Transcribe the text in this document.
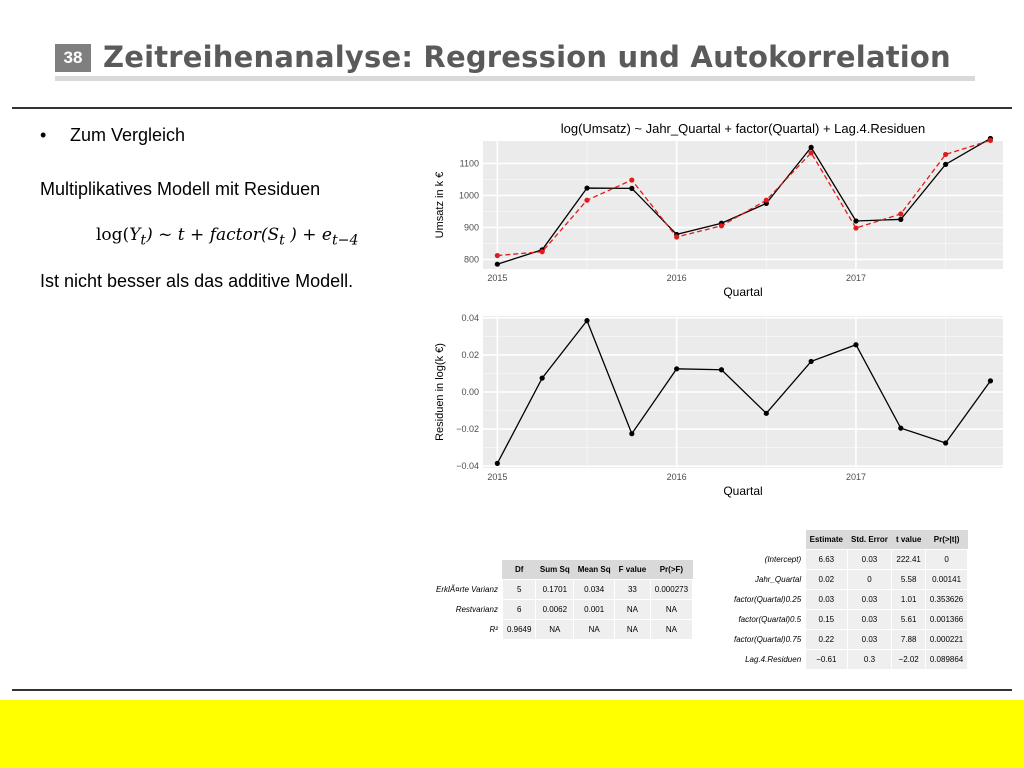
38 Zeitreihenanalyse: Regression und Autokorrelation
• Zum Vergleich
Multiplikatives Modell mit Residuen
$\log(Y_t)$ ~ $t + factor(S_t$ ) + $e_{t-4}$
Ist nicht besser als das additive Modell.	2015	2016	2017
800
900
1000
1100
log(Umsatz) ~ Jahr_Quartal + factor(Quartal) + Lag.4.Residuen
Quartal
Umsatz in k €
2015	2016	2017
−0.04
−0.02
0.00
0.02
0.04
Quartal
Residuen in log(k €)
	Df	Sum Sq	Mean Sq	F value	Pr(>F)
ErklÃ¤rte Varianz	5	0.1701	0.034	33	0.000273
Restvarianz	6	0.0062	0.001	NA	NA
R²	0.9649	NA	NA	NA	NA
	Estimate	Std. Error	t value	Pr(>|t|)
(Intercept)	6.63	0.03	222.41	0
Jahr_Quartal	0.02	0	5.58	0.00141
factor(Quartal)0.25	0.03	0.03	1.01	0.353626
factor(Quartal)0.5	0.15	0.03	5.61	0.001366
factor(Quartal)0.75	0.22	0.03	7.88	0.000221
Lag.4.Residuen	−0.61	0.3	−2.02	0.089864
